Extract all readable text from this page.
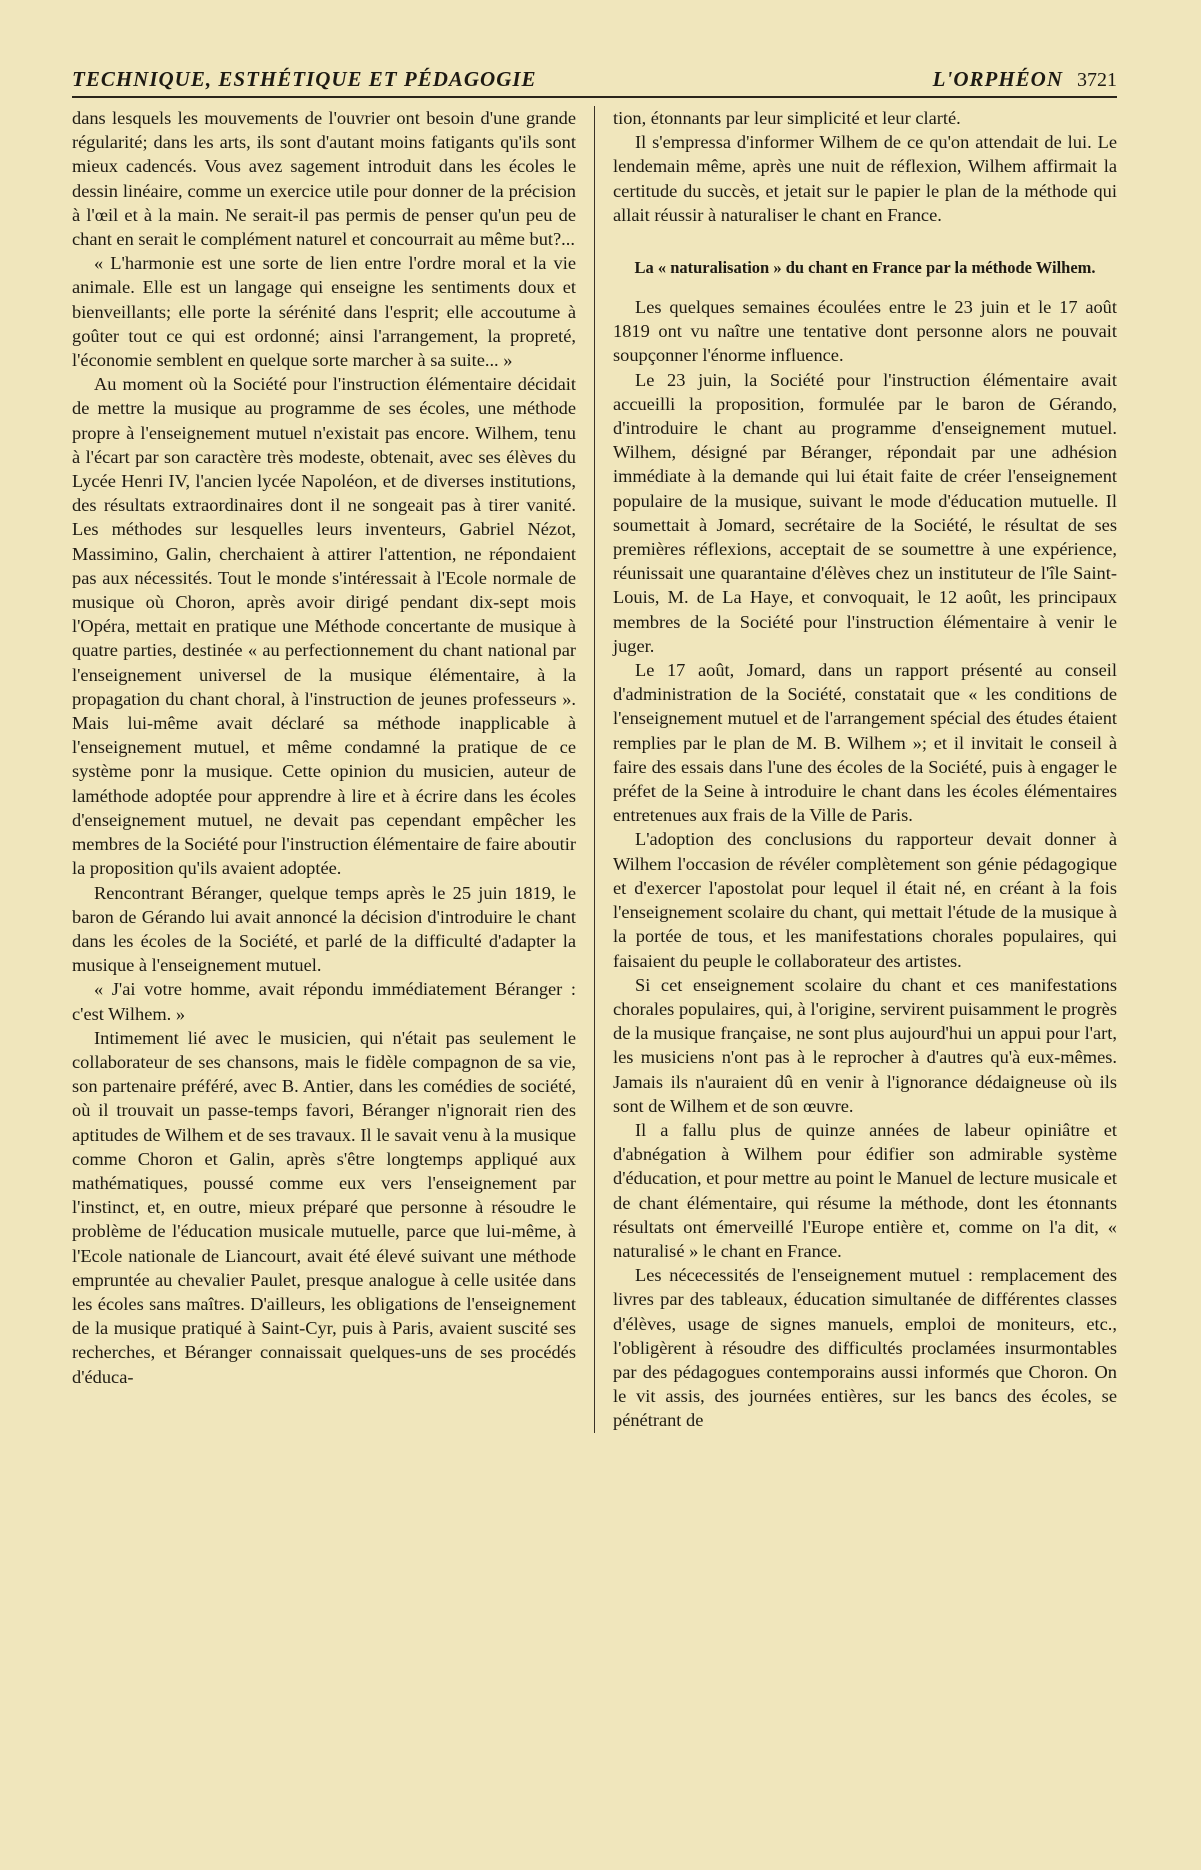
TECHNIQUE, ESTHÉTIQUE ET PÉDAGOGIE	L'ORPHÉON 3721

dans lesquels les mouvements de l'ouvrier ont besoin d'une grande régularité; dans les arts, ils sont d'autant moins fatigants qu'ils sont mieux cadencés. Vous avez sagement introduit dans les écoles le dessin linéaire, comme un exercice utile pour donner de la précision à l'œil et à la main. Ne serait-il pas permis de penser qu'un peu de chant en serait le complément naturel et concourrait au même but?...

« L'harmonie est une sorte de lien entre l'ordre moral et la vie animale. Elle est un langage qui enseigne les sentiments doux et bienveillants; elle porte la sérénité dans l'esprit; elle accoutume à goûter tout ce qui est ordonné; ainsi l'arrangement, la propreté, l'économie semblent en quelque sorte marcher à sa suite... »

Au moment où la Société pour l'instruction élémentaire décidait de mettre la musique au programme de ses écoles, une méthode propre à l'enseignement mutuel n'existait pas encore. Wilhem, tenu à l'écart par son caractère très modeste, obtenait, avec ses élèves du Lycée Henri IV, l'ancien lycée Napoléon, et de diverses institutions, des résultats extraordinaires dont il ne songeait pas à tirer vanité. Les méthodes sur lesquelles leurs inventeurs, Gabriel Nézot, Massimino, Galin, cherchaient à attirer l'attention, ne répondaient pas aux nécessités. Tout le monde s'intéressait à l'Ecole normale de musique où Choron, après avoir dirigé pendant dix-sept mois l'Opéra, mettait en pratique une Méthode concertante de musique à quatre parties, destinée « au perfectionnement du chant national par l'enseignement universel de la musique élémentaire, à la propagation du chant choral, à l'instruction de jeunes professeurs ». Mais lui-même avait déclaré sa méthode inapplicable à l'enseignement mutuel, et même condamné la pratique de ce système ponr la musique. Cette opinion du musicien, auteur de laméthode adoptée pour apprendre à lire et à écrire dans les écoles d'enseignement mutuel, ne devait pas cependant empêcher les membres de la Société pour l'instruction élémentaire de faire aboutir la proposition qu'ils avaient adoptée.

Rencontrant Béranger, quelque temps après le 25 juin 1819, le baron de Gérando lui avait annoncé la décision d'introduire le chant dans les écoles de la Société, et parlé de la difficulté d'adapter la musique à l'enseignement mutuel.

« J'ai votre homme, avait répondu immédiatement Béranger : c'est Wilhem. »

Intimement lié avec le musicien, qui n'était pas seulement le collaborateur de ses chansons, mais le fidèle compagnon de sa vie, son partenaire préféré, avec B. Antier, dans les comédies de société, où il trouvait un passe-temps favori, Béranger n'ignorait rien des aptitudes de Wilhem et de ses travaux. Il le savait venu à la musique comme Choron et Galin, après s'être longtemps appliqué aux mathématiques, poussé comme eux vers l'enseignement par l'instinct, et, en outre, mieux préparé que personne à résoudre le problème de l'éducation musicale mutuelle, parce que lui-même, à l'Ecole nationale de Liancourt, avait été élevé suivant une méthode empruntée au chevalier Paulet, presque analogue à celle usitée dans les écoles sans maîtres. D'ailleurs, les obligations de l'enseignement de la musique pratiqué à Saint-Cyr, puis à Paris, avaient suscité ses recherches, et Béranger connaissait quelques-uns de ses procédés d'éduca-

tion, étonnants par leur simplicité et leur clarté.

Il s'empressa d'informer Wilhem de ce qu'on attendait de lui. Le lendemain même, après une nuit de réflexion, Wilhem affirmait la certitude du succès, et jetait sur le papier le plan de la méthode qui allait réussir à naturaliser le chant en France.

La « naturalisation » du chant en France par la méthode Wilhem.

Les quelques semaines écoulées entre le 23 juin et le 17 août 1819 ont vu naître une tentative dont personne alors ne pouvait soupçonner l'énorme influence.

Le 23 juin, la Société pour l'instruction élémentaire avait accueilli la proposition, formulée par le baron de Gérando, d'introduire le chant au programme d'enseignement mutuel. Wilhem, désigné par Béranger, répondait par une adhésion immédiate à la demande qui lui était faite de créer l'enseignement populaire de la musique, suivant le mode d'éducation mutuelle. Il soumettait à Jomard, secrétaire de la Société, le résultat de ses premières réflexions, acceptait de se soumettre à une expérience, réunissait une quarantaine d'élèves chez un instituteur de l'île Saint-Louis, M. de La Haye, et convoquait, le 12 août, les principaux membres de la Société pour l'instruction élémentaire à venir le juger.

Le 17 août, Jomard, dans un rapport présenté au conseil d'administration de la Société, constatait que « les conditions de l'enseignement mutuel et de l'arrangement spécial des études étaient remplies par le plan de M. B. Wilhem »; et il invitait le conseil à faire des essais dans l'une des écoles de la Société, puis à engager le préfet de la Seine à introduire le chant dans les écoles élémentaires entretenues aux frais de la Ville de Paris.

L'adoption des conclusions du rapporteur devait donner à Wilhem l'occasion de révéler complètement son génie pédagogique et d'exercer l'apostolat pour lequel il était né, en créant à la fois l'enseignement scolaire du chant, qui mettait l'étude de la musique à la portée de tous, et les manifestations chorales populaires, qui faisaient du peuple le collaborateur des artistes.

Si cet enseignement scolaire du chant et ces manifestations chorales populaires, qui, à l'origine, servirent puisamment le progrès de la musique française, ne sont plus aujourd'hui un appui pour l'art, les musiciens n'ont pas à le reprocher à d'autres qu'à eux-mêmes. Jamais ils n'auraient dû en venir à l'ignorance dédaigneuse où ils sont de Wilhem et de son œuvre.

Il a fallu plus de quinze années de labeur opiniâtre et d'abnégation à Wilhem pour édifier son admirable système d'éducation, et pour mettre au point le Manuel de lecture musicale et de chant élémentaire, qui résume la méthode, dont les étonnants résultats ont émerveillé l'Europe entière et, comme on l'a dit, « naturalisé » le chant en France.

Les nécecessités de l'enseignement mutuel : remplacement des livres par des tableaux, éducation simultanée de différentes classes d'élèves, usage de signes manuels, emploi de moniteurs, etc., l'obligèrent à résoudre des difficultés proclamées insurmontables par des pédagogues contemporains aussi informés que Choron. On le vit assis, des journées entières, sur les bancs des écoles, se pénétrant de
